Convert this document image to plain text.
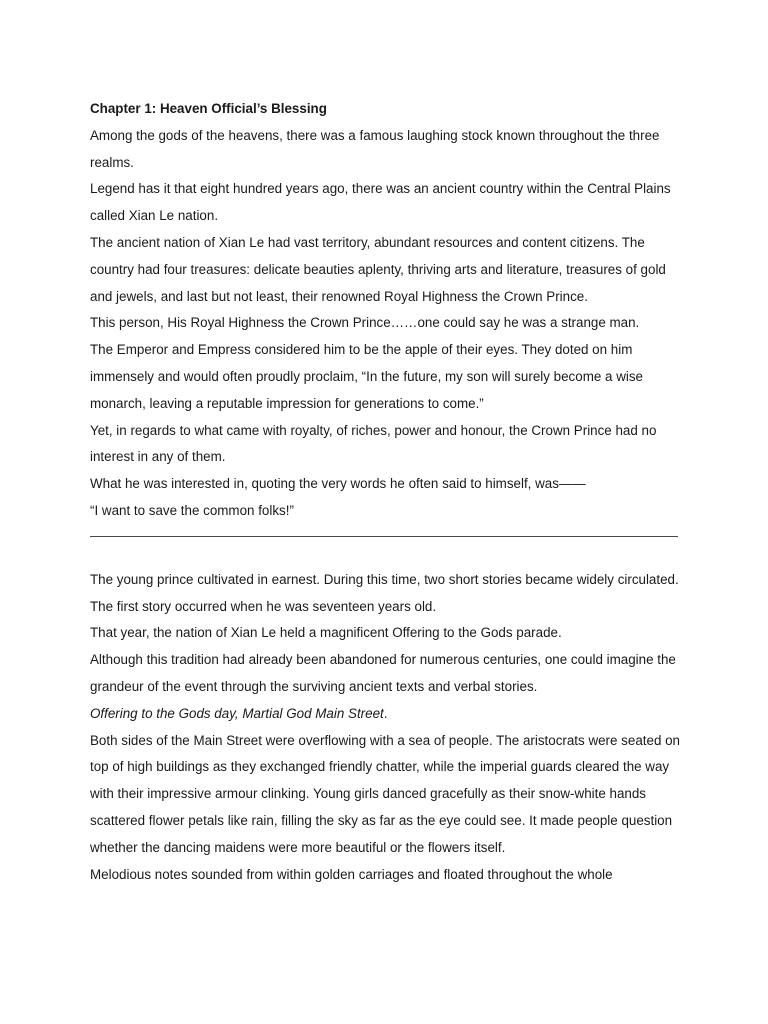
Chapter 1: Heaven Official’s Blessing

Among the gods of the heavens, there was a famous laughing stock known throughout the three realms.

Legend has it that eight hundred years ago, there was an ancient country within the Central Plains called Xian Le nation.

The ancient nation of Xian Le had vast territory, abundant resources and content citizens. The country had four treasures: delicate beauties aplenty, thriving arts and literature, treasures of gold and jewels, and last but not least, their renowned Royal Highness the Crown Prince.

This person, His Royal Highness the Crown Prince……one could say he was a strange man.

The Emperor and Empress considered him to be the apple of their eyes. They doted on him immensely and would often proudly proclaim, “In the future, my son will surely become a wise monarch, leaving a reputable impression for generations to come.”

Yet, in regards to what came with royalty, of riches, power and honour, the Crown Prince had no interest in any of them.

What he was interested in, quoting the very words he often said to himself, was——

“I want to save the common folks!”

The young prince cultivated in earnest. During this time, two short stories became widely circulated.

The first story occurred when he was seventeen years old.

That year, the nation of Xian Le held a magnificent Offering to the Gods parade.

Although this tradition had already been abandoned for numerous centuries, one could imagine the grandeur of the event through the surviving ancient texts and verbal stories.

Offering to the Gods day, Martial God Main Street.

Both sides of the Main Street were overflowing with a sea of people. The aristocrats were seated on top of high buildings as they exchanged friendly chatter, while the imperial guards cleared the way with their impressive armour clinking. Young girls danced gracefully as their snow-white hands scattered flower petals like rain, filling the sky as far as the eye could see. It made people question whether the dancing maidens were more beautiful or the flowers itself.

Melodious notes sounded from within golden carriages and floated throughout the whole
